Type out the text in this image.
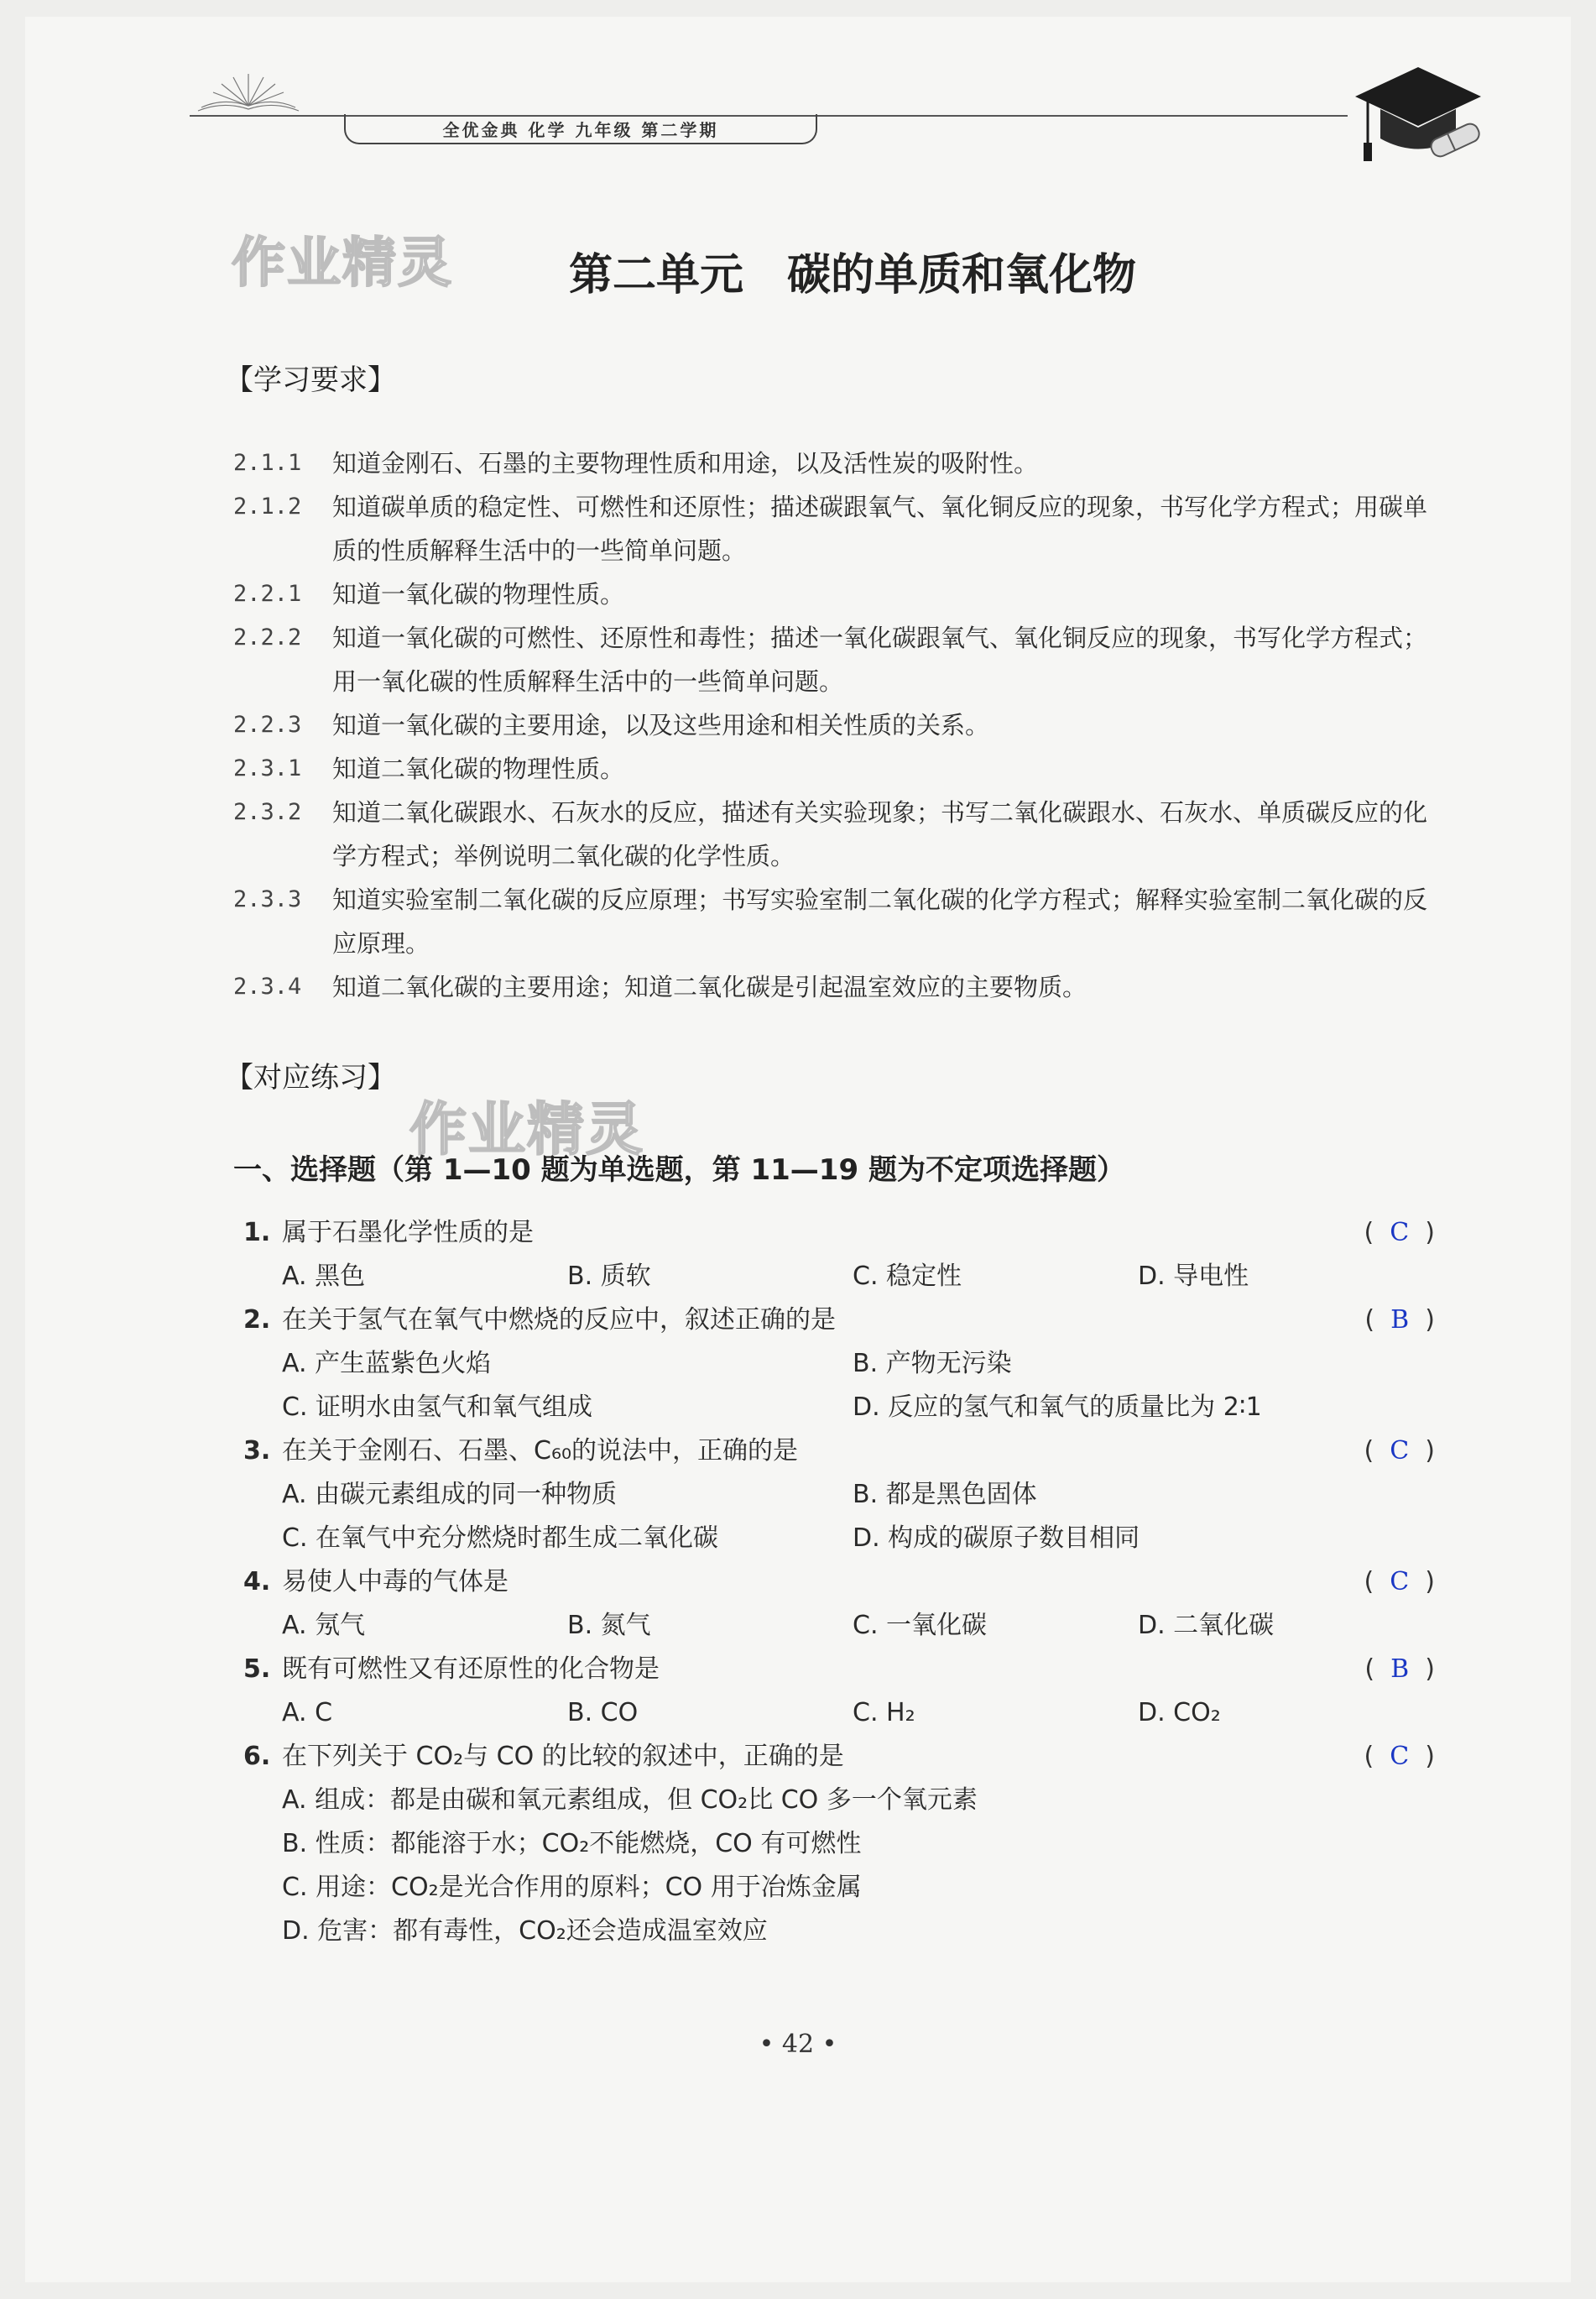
全优金典 化学 九年级 第二学期
作业精灵
作业精灵
第二单元　碳的单质和氧化物
【学习要求】
2.1.1	知道金刚石、石墨的主要物理性质和用途，以及活性炭的吸附性。
2.1.2	知道碳单质的稳定性、可燃性和还原性；描述碳跟氧气、氧化铜反应的现象，书写化学方程式；用碳单质的性质解释生活中的一些简单问题。
2.2.1	知道一氧化碳的物理性质。
2.2.2	知道一氧化碳的可燃性、还原性和毒性；描述一氧化碳跟氧气、氧化铜反应的现象，书写化学方程式；用一氧化碳的性质解释生活中的一些简单问题。
2.2.3	知道一氧化碳的主要用途，以及这些用途和相关性质的关系。
2.3.1	知道二氧化碳的物理性质。
2.3.2	知道二氧化碳跟水、石灰水的反应，描述有关实验现象；书写二氧化碳跟水、石灰水、单质碳反应的化学方程式；举例说明二氧化碳的化学性质。
2.3.3	知道实验室制二氧化碳的反应原理；书写实验室制二氧化碳的化学方程式；解释实验室制二氧化碳的反应原理。
2.3.4	知道二氧化碳的主要用途；知道二氧化碳是引起温室效应的主要物质。
【对应练习】
一、选择题（第 1—10 题为单选题，第 11—19 题为不定项选择题）
1. 属于石墨化学性质的是	(  C  )
A. 黑色	B. 质软	C. 稳定性	D. 导电性
2. 在关于氢气在氧气中燃烧的反应中，叙述正确的是	(  B  )
A. 产生蓝紫色火焰	B. 产物无污染
C. 证明水由氢气和氧气组成	D. 反应的氢气和氧气的质量比为 2∶1
3. 在关于金刚石、石墨、C₆₀的说法中，正确的是	(  C  )
A. 由碳元素组成的同一种物质	B. 都是黑色固体
C. 在氧气中充分燃烧时都生成二氧化碳	D. 构成的碳原子数目相同
4. 易使人中毒的气体是	(  C  )
A. 氖气	B. 氮气	C. 一氧化碳	D. 二氧化碳
5. 既有可燃性又有还原性的化合物是	(  B  )
A. C	B. CO	C. H₂	D. CO₂
6. 在下列关于 CO₂与 CO 的比较的叙述中，正确的是	(  C  )
A. 组成：都是由碳和氧元素组成，但 CO₂比 CO 多一个氧元素
B. 性质：都能溶于水；CO₂不能燃烧，CO 有可燃性
C. 用途：CO₂是光合作用的原料；CO 用于冶炼金属
D. 危害：都有毒性，CO₂还会造成温室效应
• 42 •
